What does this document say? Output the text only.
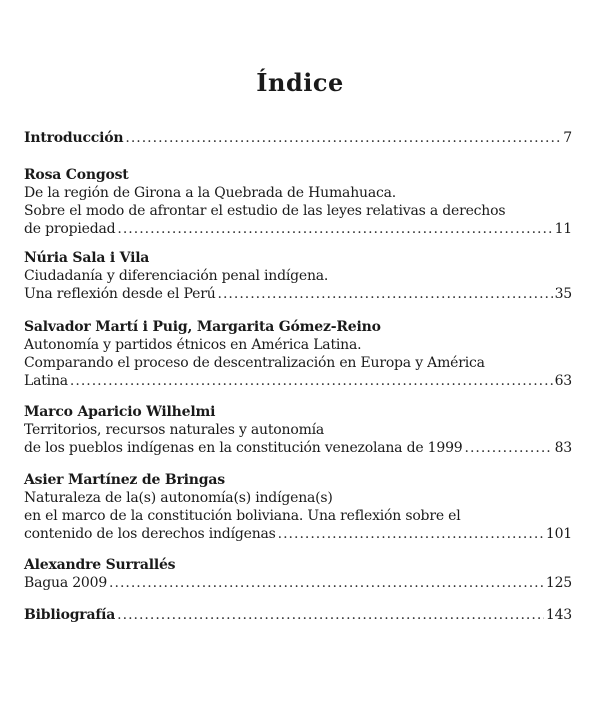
Índice
Introducción .....	7
Rosa Congost
De la región de Girona a la Quebrada de Humahuaca.
Sobre el modo de afrontar el estudio de las leyes relativas a derechos
de propiedad .....	11
Núria Sala i Vila
Ciudadanía y diferenciación penal indígena.
Una reflexión desde el Perú .....	35
Salvador Martí i Puig, Margarita Gómez-Reino
Autonomía y partidos étnicos en América Latina.
Comparando el proceso de descentralización en Europa y América
Latina .....	63
Marco Aparicio Wilhelmi
Territorios, recursos naturales y autonomía
de los pueblos indígenas en la constitución venezolana de 1999 .....	83
Asier Martínez de Bringas
Naturaleza de la(s) autonomía(s) indígena(s)
en el marco de la constitución boliviana. Una reflexión sobre el
contenido de los derechos indígenas .....	101
Alexandre Surrallés
Bagua 2009 .....	125
Bibliografía .....	143
